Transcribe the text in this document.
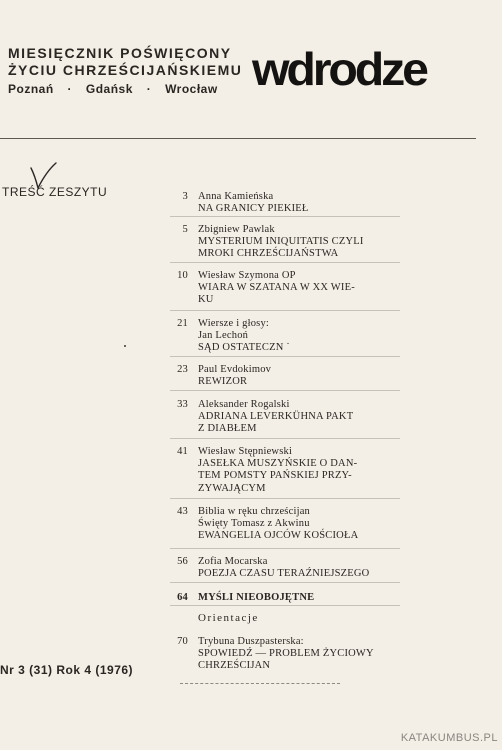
MIESIĘCZNIK POŚWIĘCONY
ŻYCIU CHRZEŚCIJAŃSKIEMU
Poznań · Gdańsk · Wrocław wdrodze
TREŚĆ ZESZYTU	3 Anna Kamieńska
NA GRANICY PIEKIEŁ
5 Zbigniew Pawlak
MYSTERIUM INIQUITATIS CZYLI
MROKI CHRZEŚCIJAŃSTWA
10 Wiesław Szymona OP
WIARA W SZATANA W XX WIE-
KU
21 Wiersze i głosy:
Jan Lechoń
SĄD OSTATECZN ˙
23 Paul Evdokimov
REWIZOR
33 Aleksander Rogalski
ADRIANA LEVERKÜHNA PAKT
Z DIABŁEM
41 Wiesław Stępniewski
JASEŁKA MUSZYŃSKIE O DAN-
TEM POMSTY PAŃSKIEJ PRZY-
ZYWAJĄCYM
43 Biblia w ręku chrześcijan
Święty Tomasz z Akwinu
EWANGELIA OJCÓW KOŚCIOŁA
56 Zofia Mocarska
POEZJA CZASU TERAŹNIEJSZEGO
64 MYŚLI NIEOBOJĘTNE
70 Trybuna Duszpasterska:
SPOWIEDŹ — PROBLEM ŻYCIOWY
CHRZEŚCIJAN
Orientacje
Nr 3 (31) Rok 4 (1976)
KATAKUMBUS.PL
